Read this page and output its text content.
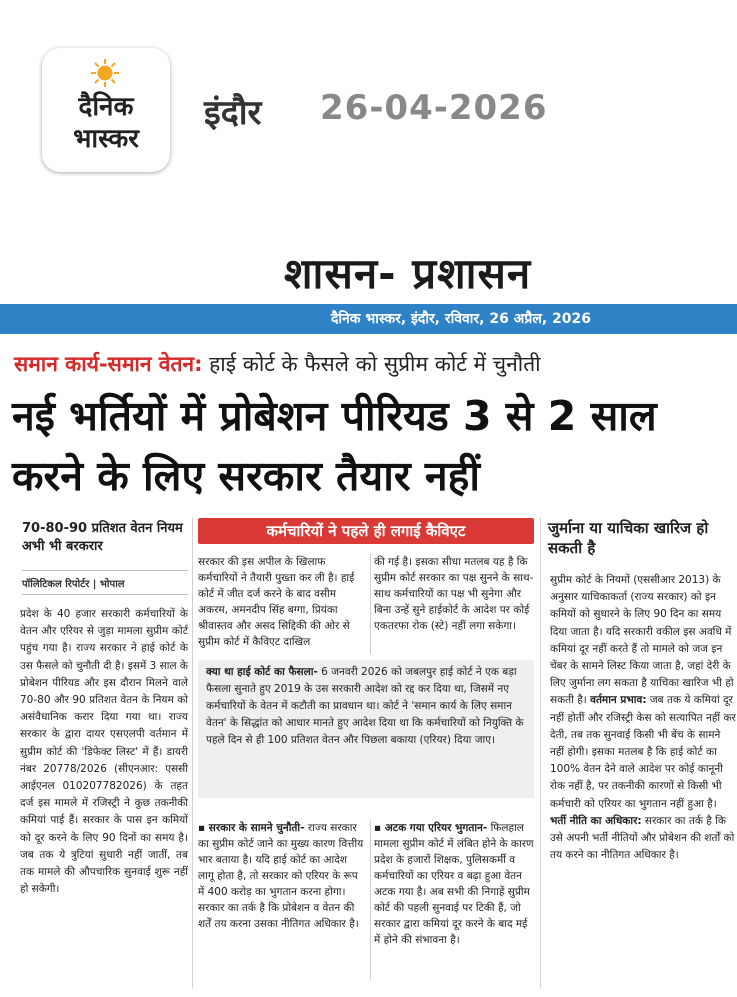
दैनिक
भास्कर
इंदौर 26-04-2026
शासन- प्रशासन
दैनिक भास्कर, इंदौर, रविवार, 26 अप्रैल, 2026
समान कार्य-समान वेतन: हाई कोर्ट के फैसले को सुप्रीम कोर्ट में चुनौती
नई भर्तियों में प्रोबेशन पीरियड 3 से 2 साल करने के लिए सरकार तैयार नहीं
70-80-90 प्रतिशत वेतन नियम अभी भी बरकरार
पॉलिटिकल रिपोर्टर | भोपाल
प्रदेश के 40 हजार सरकारी कर्मचारियों के वेतन और एरियर से जुड़ा मामला सुप्रीम कोर्ट पहुंच गया है। राज्य सरकार ने हाई कोर्ट के उस फैसले को चुनौती दी है। इसमें 3 साल के प्रोबेशन पीरियड और इस दौरान मिलने वाले 70-80 और 90 प्रतिशत वेतन के नियम को असंवैधानिक करार दिया गया था। राज्य सरकार के द्वारा दायर एसएलपी वर्तमान में सुप्रीम कोर्ट की 'डिफेक्ट लिस्ट' में हैं। डायरी नंबर 20778/2026 (सीएनआर: एससी आईएनल 010207782026) के तहत दर्ज इस मामले में रजिस्ट्री ने कुछ तकनीकी कमियां पाई हैं। सरकार के पास इन कमियों को दूर करने के लिए 90 दिनों का समय है। जब तक ये त्रुटियां सुधारी नहीं जातीं, तब तक मामले की औपचारिक सुनवाई शुरू नहीं हो सकेगी।
कर्मचारियों ने पहले ही लगाई कैविएट
सरकार की इस अपील के खिलाफ कर्मचारियों ने तैयारी पुख्ता कर ली है। हाई कोर्ट में जीत दर्ज करने के बाद वसीम अकरम, अमनदीप सिंह बग्गा, प्रियंका श्रीवास्तव और असद सिद्दिकी की ओर से सुप्रीम कोर्ट में कैविएट दाखिल
की गई है। इसका सीधा मतलब यह है कि सुप्रीम कोर्ट सरकार का पक्ष सुनने के साथ-साथ कर्मचारियों का पक्ष भी सुनेगा और बिना उन्हें सुने हाईकोर्ट के आदेश पर कोई एकतरफा रोक (स्टे) नहीं लगा सकेगा।
क्या था हाई कोर्ट का फैसला- 6 जनवरी 2026 को जबलपुर हाई कोर्ट ने एक बड़ा फैसला सुनाते हुए 2019 के उस सरकारी आदेश को रद्द कर दिया था, जिसमें नए कर्मचारियों के वेतन में कटौती का प्रावधान था। कोर्ट ने 'समान कार्य के लिए समान वेतन' के सिद्धांत को आधार मानते हुए आदेश दिया था कि कर्मचारियों को नियुक्ति के पहले दिन से ही 100 प्रतिशत वेतन और पिछला बकाया (एरियर) दिया जाए।
▪ सरकार के सामने चुनौती- राज्य सरकार का सुप्रीम कोर्ट जाने का मुख्य कारण वित्तीय भार बताया है। यदि हाई कोर्ट का आदेश लागू होता है, तो सरकार को एरियर के रूप में 400 करोड़ का भुगतान करना होगा। सरकार का तर्क है कि प्रोबेशन व वेतन की शर्तें तय करना उसका नीतिगत अधिकार है।
▪ अटक गया एरियर भुगतान- फिलहाल मामला सुप्रीम कोर्ट में लंबित होने के कारण प्रदेश के हजारों शिक्षक, पुलिसकर्मी व कर्मचारियों का एरियर व बढ़ा हुआ वेतन अटक गया है। अब सभी की निगाहें सुप्रीम कोर्ट की पहली सुनवाई पर टिकी हैं, जो सरकार द्वारा कमियां दूर करने के बाद मई में होने की संभावना है।
जुर्माना या याचिका खारिज हो सकती है
सुप्रीम कोर्ट के नियमों (एससीआर 2013) के अनुसार याचिकाकर्ता (राज्य सरकार) को इन कमियों को सुधारने के लिए 90 दिन का समय दिया जाता है। यदि सरकारी वकील इस अवधि में कमियां दूर नहीं करते हैं तो मामले को जज इन चेंबर के सामने लिस्ट किया जाता है, जहां देरी के लिए जुर्माना लग सकता है याचिका खारिज भी हो सकती है। वर्तमान प्रभाव: जब तक ये कमियां दूर नहीं होतीं और रजिस्ट्री केस को सत्यापित नहीं कर देती, तब तक सुनवाई किसी भी बेंच के सामने नहीं होगी। इसका मतलब है कि हाई कोर्ट का 100% वेतन देने वाले आदेश पर कोई कानूनी रोक नहीं है, पर तकनीकी कारणों से किसी भी कर्मचारी को एरियर का भुगतान नहीं हुआ है। भर्ती नीति का अधिकार: सरकार का तर्क है कि उसे अपनी भर्ती नीतियों और प्रोबेशन की शर्तों को तय करने का नीतिगत अधिकार है।
